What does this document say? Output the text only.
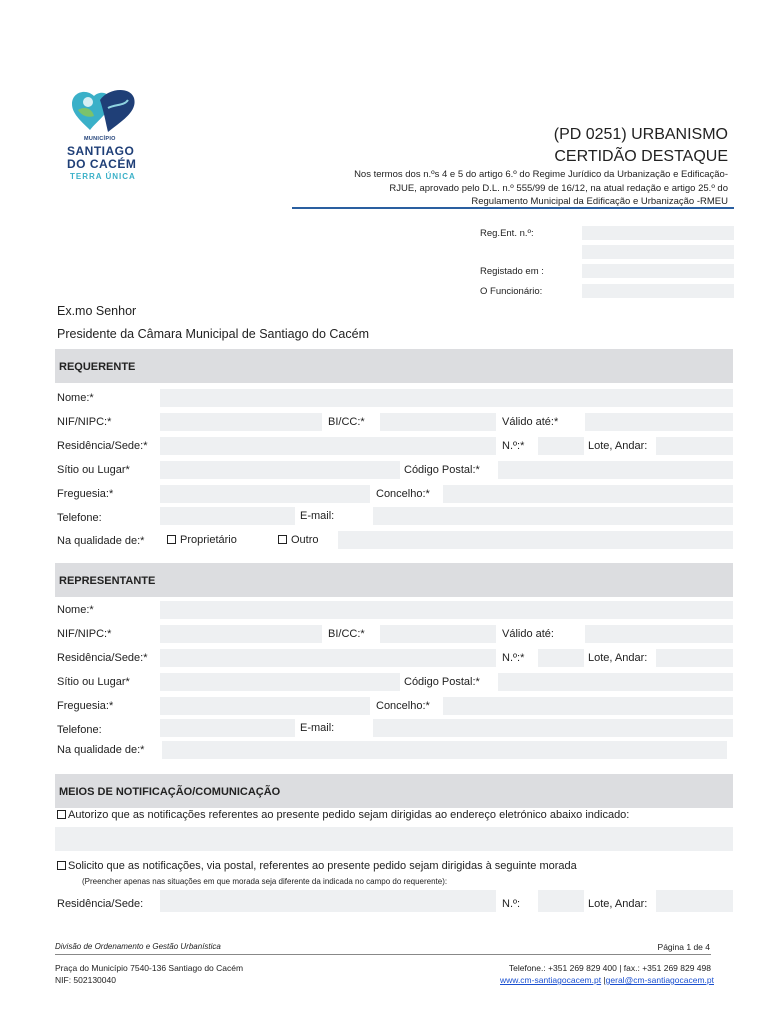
MUNICÍPIO
SANTIAGO
DO CACÉM
TERRA ÚNICA
(PD 0251) URBANISMO
CERTIDÃO DESTAQUE
Nos termos dos n.ºs 4 e 5 do artigo 6.º do Regime Jurídico da Urbanização e Edificação-
RJUE, aprovado pelo D.L. n.º 555/99 de 16/12, na atual redação e artigo 25.º do
Regulamento Municipal da Edificação e Urbanização -RMEU
Reg.Ent. n.º:
Registado em :
O Funcionário:
Ex.mo Senhor
Presidente da Câmara Municipal de Santiago do Cacém
REQUERENTE
Nome:*
NIF/NIPC:*	BI/CC:*	Válido até:*
Residência/Sede:*	N.º:*	Lote, Andar:
Sítio ou Lugar*	Código Postal:*
Freguesia:*	Concelho:*
Telefone:	E-mail:
Na qualidade de:*	Proprietário	Outro
REPRESENTANTE
Nome:*
NIF/NIPC:*	BI/CC:*	Válido até:
Residência/Sede:*	N.º:*	Lote, Andar:
Sítio ou Lugar*	Código Postal:*
Freguesia:*	Concelho:*
Telefone:	E-mail:
Na qualidade de:*
MEIOS DE NOTIFICAÇÃO/COMUNICAÇÃO
Autorizo que as notificações referentes ao presente pedido sejam dirigidas ao endereço eletrónico abaixo indicado:
Solicito que as notificações, via postal, referentes ao presente pedido sejam dirigidas à seguinte morada
(Preencher apenas nas situações em que morada seja diferente da indicada no campo do requerente):
Residência/Sede:	N.º:	Lote, Andar:
Divisão de Ordenamento e Gestão Urbanística	Página 1 de 4
Praça do Município 7540-136 Santiago do Cacém
NIF: 502130040
Telefone.: +351 269 829 400 | fax.: +351 269 829 498
www.cm-santiagocacem.pt |geral@cm-santiagocacem.pt
